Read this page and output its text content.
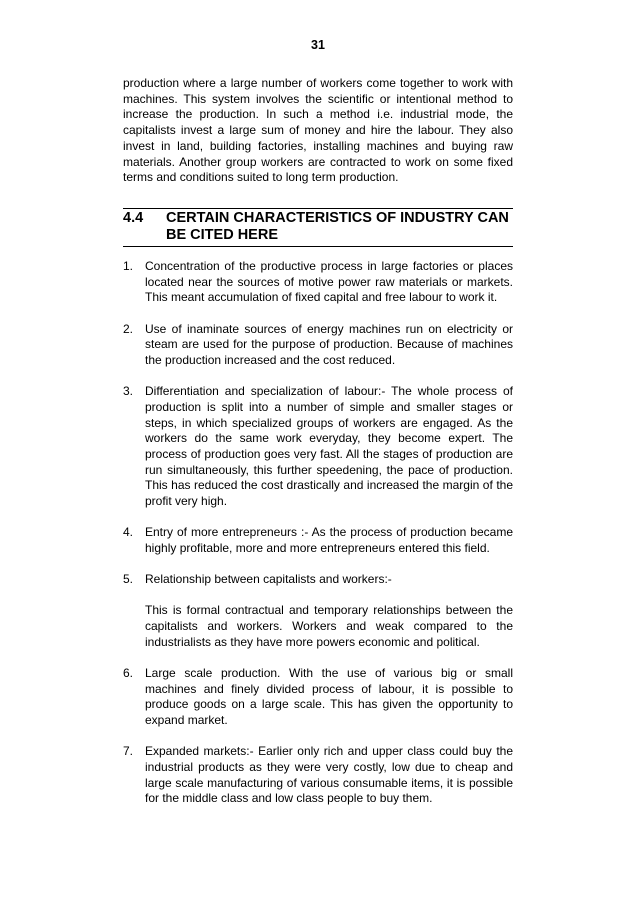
31

production where a large number of workers come together to work with machines. This system involves the scientific or intentional method to increase the production. In such a method i.e. industrial mode, the capitalists invest a large sum of money and hire the labour. They also invest in land, building factories, installing machines and buying raw materials. Another group workers are contracted to work on some fixed terms and conditions suited to long term production.

4.4 CERTAIN CHARACTERISTICS OF INDUSTRY CAN BE CITED HERE
1. Concentration of the productive process in large factories or places located near the sources of motive power raw materials or markets. This meant accumulation of fixed capital and free labour to work it.
2. Use of inaminate sources of energy machines run on electricity or steam are used for the purpose of production. Because of machines the production increased and the cost reduced.
3. Differentiation and specialization of labour:- The whole process of production is split into a number of simple and smaller stages or steps, in which specialized groups of workers are engaged. As the workers do the same work everyday, they become expert. The process of production goes very fast. All the stages of production are run simultaneously, this further speedening, the pace of production. This has reduced the cost drastically and increased the margin of the profit very high.
4. Entry of more entrepreneurs :- As the process of production became highly profitable, more and more entrepreneurs entered this field.
5. Relationship between capitalists and workers:-
This is formal contractual and temporary relationships between the capitalists and workers. Workers and weak compared to the industrialists as they have more powers economic and political.
6. Large scale production. With the use of various big or small machines and finely divided process of labour, it is possible to produce goods on a large scale. This has given the opportunity to expand market.
7. Expanded markets:- Earlier only rich and upper class could buy the industrial products as they were very costly, low due to cheap and large scale manufacturing of various consumable items, it is possible for the middle class and low class people to buy them.
